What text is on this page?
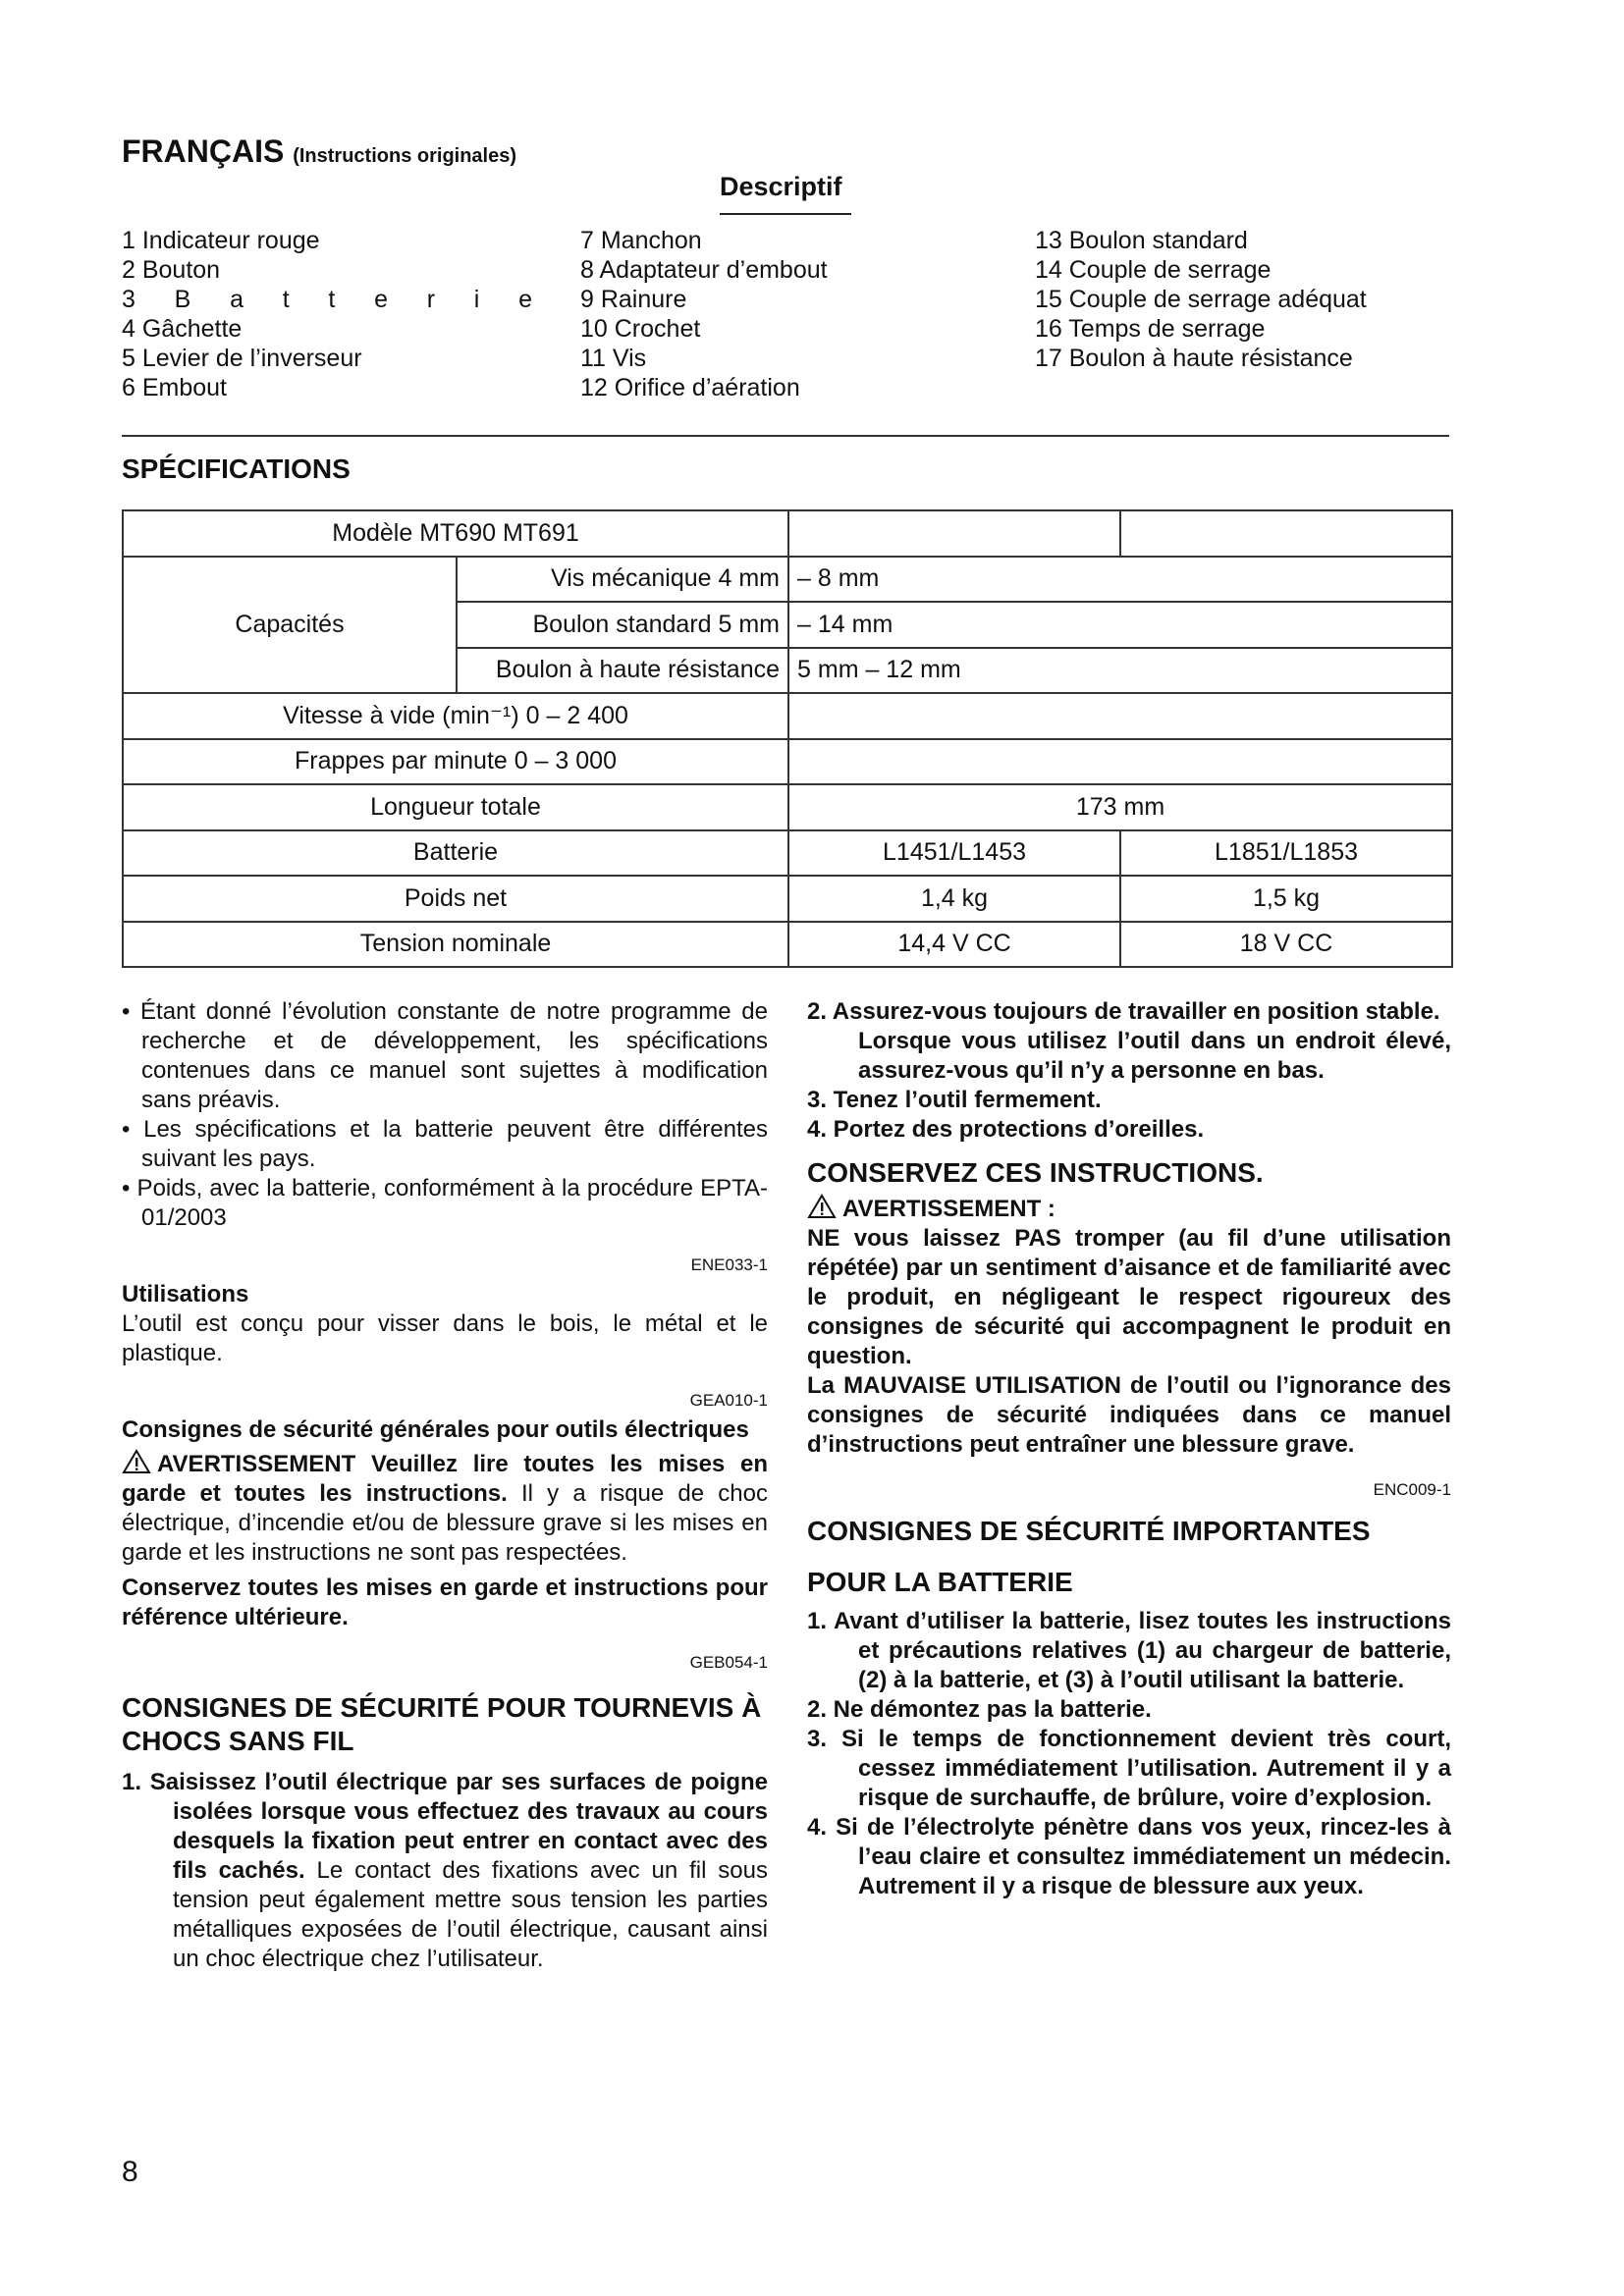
FRANÇAIS (Instructions originales)
Descriptif
1 Indicateur rouge
2 Bouton
3 B a t t e r i e
4 Gâchette
5 Levier de l’inverseur
6 Embout
7 Manchon
8 Adaptateur d’embout
9 Rainure
10 Crochet
11 Vis
12 Orifice d’aération
13 Boulon standard
14 Couple de serrage
15 Couple de serrage adéquat
16 Temps de serrage
17 Boulon à haute résistance
SPÉCIFICATIONS
Modèle MT690 MT691			
Capacités	Vis mécanique 4 mm	– 8 mm	
	Boulon standard 5 mm	– 14 mm	
	Boulon à haute résistance	5 mm – 12 mm	
Vitesse à vide (min⁻¹) 0 – 2 400			
Frappes par minute 0 – 3 000			
Longueur totale		173 mm	
Batterie		L1451/L1453	L1851/L1853
Poids net		1,4 kg	1,5 kg
Tension nominale		14,4 V CC	18 V CC
• Étant donné l’évolution constante de notre programme de recherche et de développement, les spécifications contenues dans ce manuel sont sujettes à modification sans préavis.
• Les spécifications et la batterie peuvent être différentes suivant les pays.
• Poids, avec la batterie, conformément à la procédure EPTA-01/2003
ENE033-1
Utilisations
L’outil est conçu pour visser dans le bois, le métal et le plastique.
GEA010-1
Consignes de sécurité générales pour outils électriques
AVERTISSEMENT Veuillez lire toutes les mises en garde et toutes les instructions. Il y a risque de choc électrique, d’incendie et/ou de blessure grave si les mises en garde et les instructions ne sont pas respectées.
Conservez toutes les mises en garde et instructions pour référence ultérieure.
GEB054-1
CONSIGNES DE SÉCURITÉ POUR TOURNEVIS À CHOCS SANS FIL
1. Saisissez l’outil électrique par ses surfaces de poigne isolées lorsque vous effectuez des travaux au cours desquels la fixation peut entrer en contact avec des fils cachés. Le contact des fixations avec un fil sous tension peut également mettre sous tension les parties métalliques exposées de l’outil électrique, causant ainsi un choc électrique chez l’utilisateur.
2. Assurez-vous toujours de travailler en position stable.
Lorsque vous utilisez l’outil dans un endroit élevé, assurez-vous qu’il n’y a personne en bas.
3. Tenez l’outil fermement.
4. Portez des protections d’oreilles.
CONSERVEZ CES INSTRUCTIONS.
AVERTISSEMENT :
NE vous laissez PAS tromper (au fil d’une utilisation répétée) par un sentiment d’aisance et de familiarité avec le produit, en négligeant le respect rigoureux des consignes de sécurité qui accompagnent le produit en question.
La MAUVAISE UTILISATION de l’outil ou l’ignorance des consignes de sécurité indiquées dans ce manuel d’instructions peut entraîner une blessure grave.
ENC009-1
CONSIGNES DE SÉCURITÉ IMPORTANTES
POUR LA BATTERIE
1. Avant d’utiliser la batterie, lisez toutes les instructions et précautions relatives (1) au chargeur de batterie, (2) à la batterie, et (3) à l’outil utilisant la batterie.
2. Ne démontez pas la batterie.
3. Si le temps de fonctionnement devient très court, cessez immédiatement l’utilisation. Autrement il y a risque de surchauffe, de brûlure, voire d’explosion.
4. Si de l’électrolyte pénètre dans vos yeux, rincez-les à l’eau claire et consultez immédiatement un médecin. Autrement il y a risque de blessure aux yeux.
8
